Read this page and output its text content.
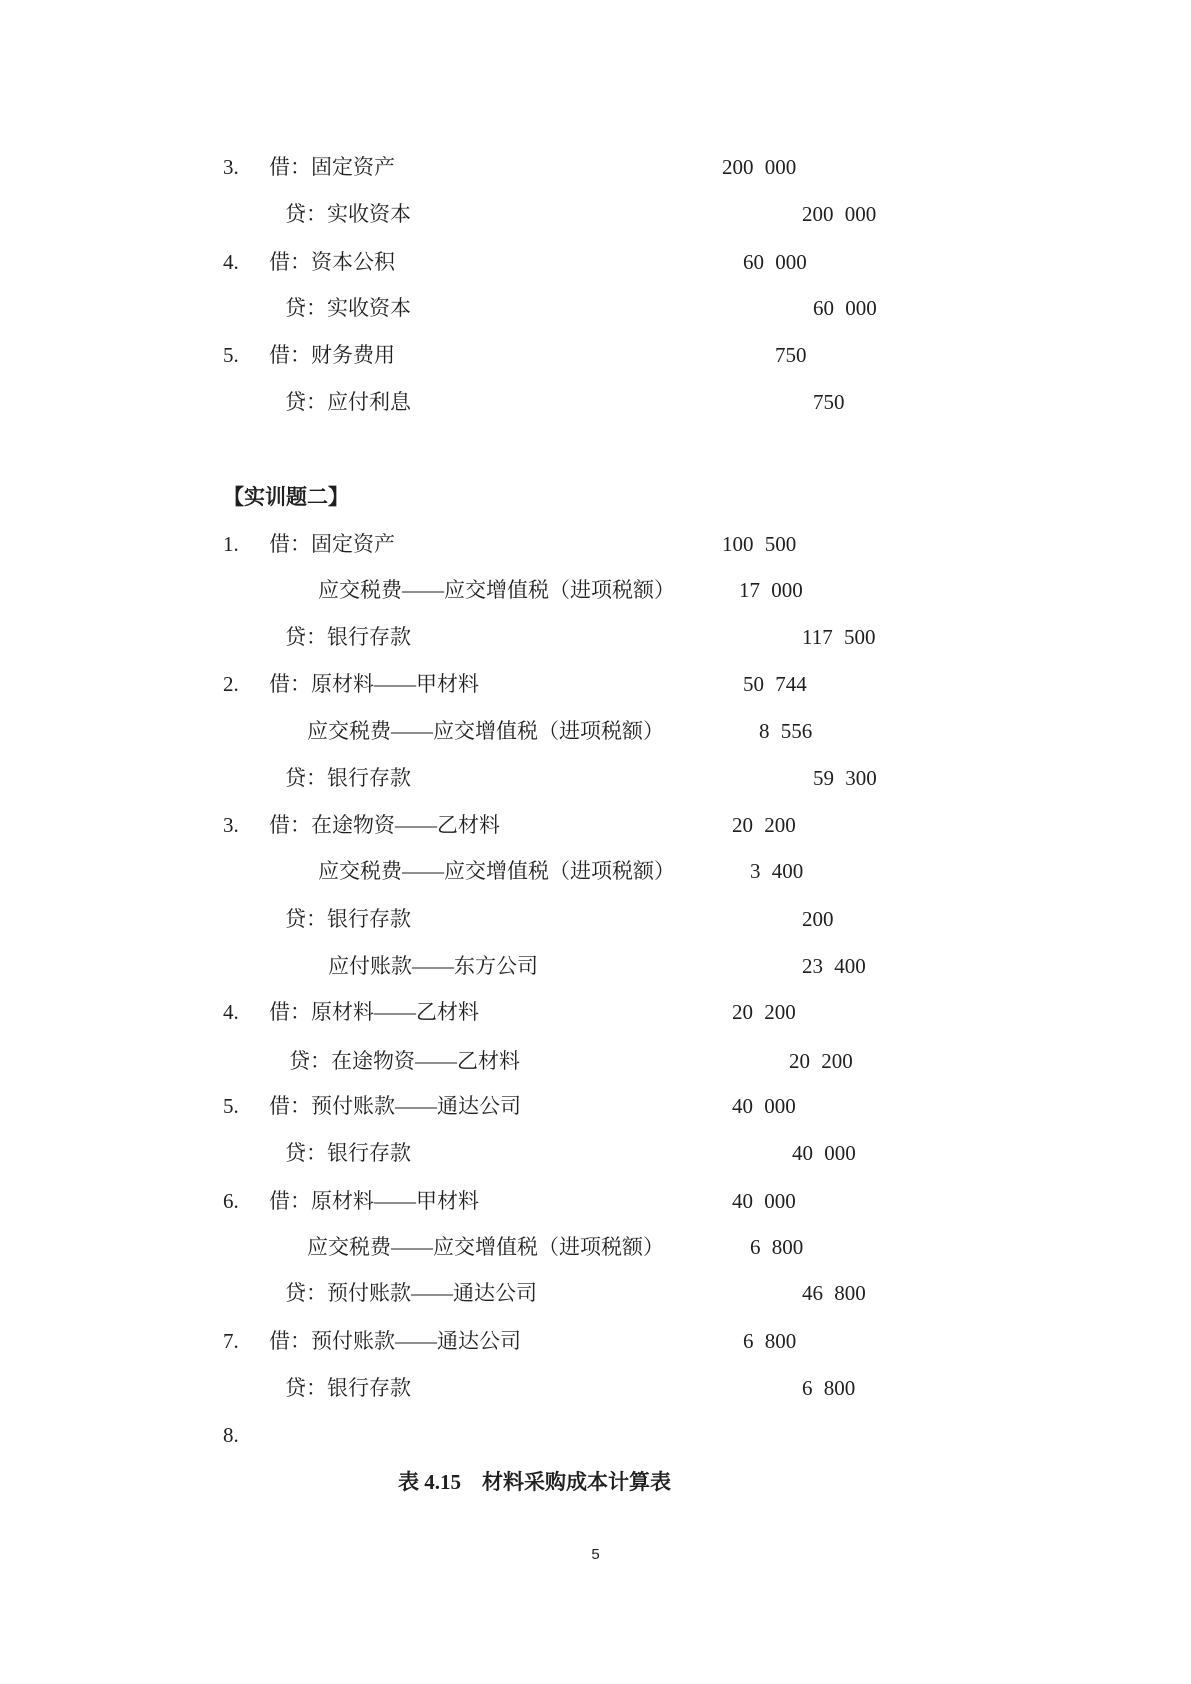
3. 借：固定资产	200 000
贷：实收资本	200 000
4. 借：资本公积	60 000
贷：实收资本	60 000
5. 借：财务费用	750
贷：应付利息	750
【实训题二】
1. 借：固定资产	100 500
应交税费——应交增值税（进项税额）	17 000
贷：银行存款	117 500
2. 借：原材料——甲材料	50 744
应交税费——应交增值税（进项税额）	8 556
贷：银行存款	59 300
3. 借：在途物资——乙材料	20 200
应交税费——应交增值税（进项税额）	3 400
贷：银行存款	200
应付账款——东方公司	23 400
4. 借：原材料——乙材料	20 200
贷：在途物资——乙材料	20 200
5. 借：预付账款——通达公司	40 000
贷：银行存款	40 000
6. 借：原材料——甲材料	40 000
应交税费——应交增值税（进项税额）	6 800
贷：预付账款——通达公司	46 800
7. 借：预付账款——通达公司	6 800
贷：银行存款	6 800
8.
表 4.15　材料采购成本计算表
5
